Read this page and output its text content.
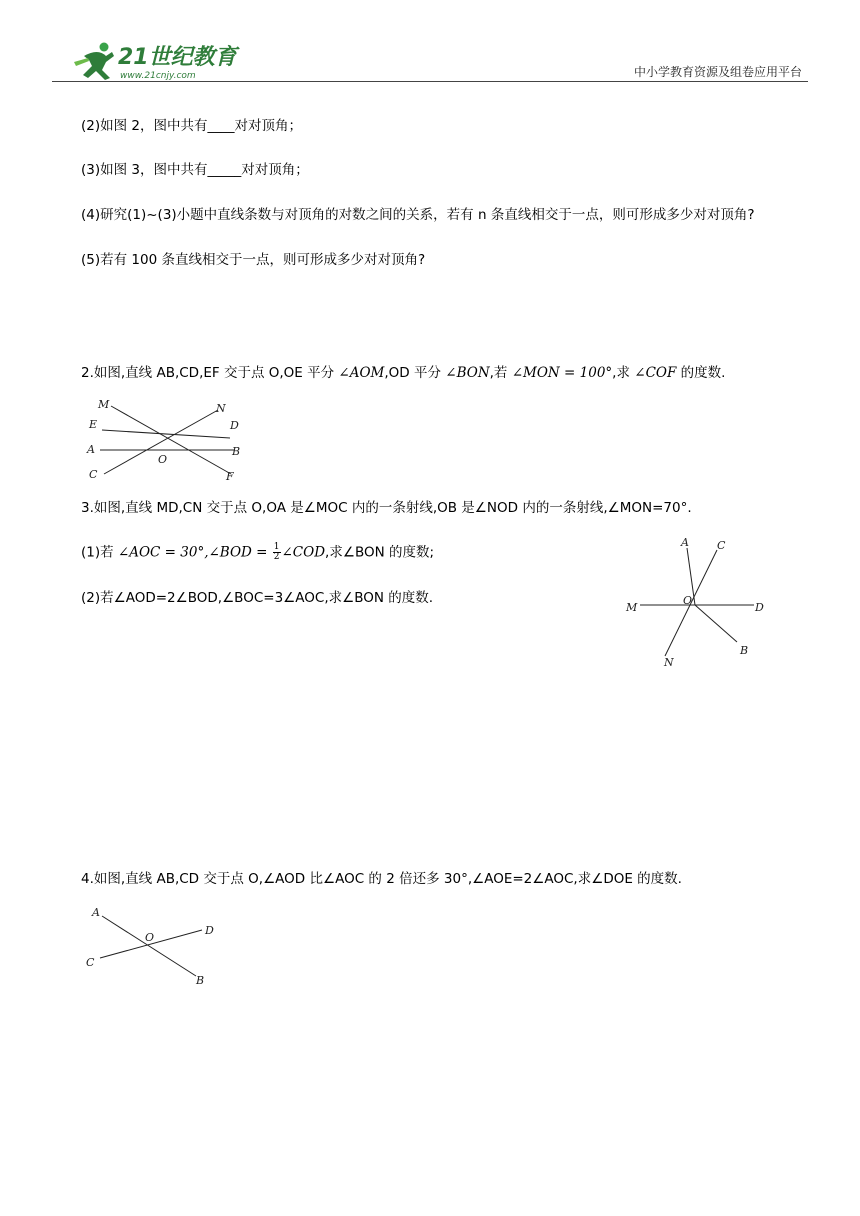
21世纪教育
www.21cnjy.com	中小学教育资源及组卷应用平台
(2)如图 2，图中共有____对对顶角；
(3)如图 3，图中共有_____对对顶角；
(4)研究(1)~(3)小题中直线条数与对顶角的对数之间的关系，若有 n 条直线相交于一点，则可形成多少对对顶角?
(5)若有 100 条直线相交于一点，则可形成多少对对顶角?
2.如图,直线 AB,CD,EF 交于点 O,OE 平分 ∠AOM,OD 平分 ∠BON,若 ∠MON = 100°,求 ∠COF 的度数.
M	N
E	D
A	B
O
C	F
3.如图,直线 MD,CN 交于点 O,OA 是∠MOC 内的一条射线,OB 是∠NOD 内的一条射线,∠MON=70°.
(1)若 ∠AOC = 30°,∠BOD = $\frac{1}{2}$ ∠COD,求∠BON 的度数;
(2)若∠AOD=2∠BOD,∠BOC=3∠AOC,求∠BON 的度数.
A	C
M
O
D
N
B
4.如图,直线 AB,CD 交于点 O,∠AOD 比∠AOC 的 2 倍还多 30°,∠AOE=2∠AOC,求∠DOE 的度数.
A
O
D
C
B
